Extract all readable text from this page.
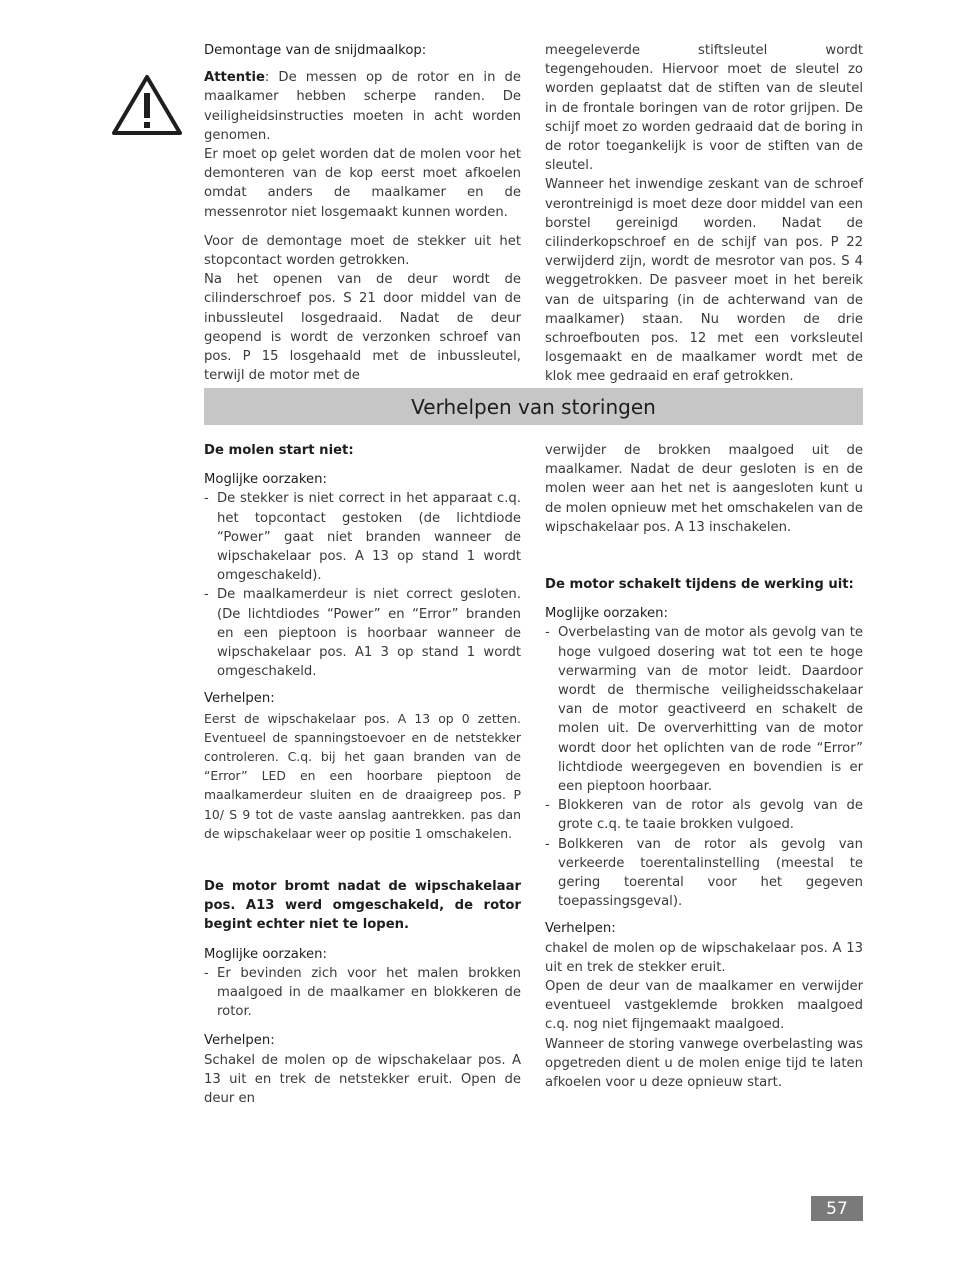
Demontage van de snijdmaalkop:

Attentie: De messen op de rotor en in de maalkamer hebben scherpe randen. De veiligheidsinstructies moeten in acht worden genomen.

Er moet op gelet worden dat de molen voor het demonteren van de kop eerst moet afkoelen omdat anders de maalkamer en de messenrotor niet losgemaakt kunnen worden.

Voor de demontage moet de stekker uit het stopcontact worden getrokken.

Na het openen van de deur wordt de cilinderschroef pos. S 21 door middel van de inbussleutel losgedraaid. Nadat de deur geopend is wordt de verzonken schroef van pos. P 15 losgehaald met de inbussleutel, terwijl de motor met de

meegeleverde stiftsleutel wordt tegengehouden. Hiervoor moet de sleutel zo worden geplaatst dat de stiften van de sleutel in de frontale boringen van de rotor grijpen. De schijf moet zo worden gedraaid dat de boring in de rotor toegankelijk is voor de stiften van de sleutel.

Wanneer het inwendige zeskant van de schroef verontreinigd is moet deze door middel van een borstel gereinigd worden. Nadat de cilinderkopschroef en de schijf van pos. P 22 verwijderd zijn, wordt de mesrotor van pos. S 4 weggetrokken. De pasveer moet in het bereik van de uitsparing (in de achterwand van de maalkamer) staan. Nu worden de drie schroefbouten pos. 12 met een vorksleutel losgemaakt en de maalkamer wordt met de klok mee gedraaid en eraf getrokken.

Verhelpen van storingen

De molen start niet:

Moglijke oorzaken:

- De stekker is niet correct in het apparaat c.q. het topcontact gestoken (de lichtdiode “Power” gaat niet branden wanneer de wipschakelaar pos. A 13 op stand 1 wordt omgeschakeld).
- De maalkamerdeur is niet correct gesloten. (De lichtdiodes “Power” en “Error” branden en een pieptoon is hoorbaar wanneer de wipschakelaar pos. A1 3 op stand 1 wordt omgeschakeld.

Verhelpen:

Eerst de wipschakelaar pos. A 13 op 0 zetten. Eventueel de spanningstoevoer en de netstekker controleren. C.q. bij het gaan branden van de “Error” LED en een hoorbare pieptoon de maalkamerdeur sluiten en de draaigreep pos. P 10/ S 9 tot de vaste aanslag aantrekken. pas dan de wipschakelaar weer op positie 1 omschakelen.

De motor bromt nadat de wipschakelaar pos. A13 werd omgeschakeld, de rotor begint echter niet te lopen.

Moglijke oorzaken:

- Er bevinden zich voor het malen brokken maalgoed in de maalkamer en blokkeren de rotor.

Verhelpen:

Schakel de molen op de wipschakelaar pos. A 13 uit en trek de netstekker eruit. Open de deur en

verwijder de brokken maalgoed uit de maalkamer. Nadat de deur gesloten is en de molen weer aan het net is aangesloten kunt u de molen opnieuw met het omschakelen van de wipschakelaar pos. A 13 inschakelen.

De motor schakelt tijdens de werking uit:

Moglijke oorzaken:

- Overbelasting van de motor als gevolg van te hoge vulgoed dosering wat tot een te hoge verwarming van de motor leidt. Daardoor wordt de thermische veiligheidsschakelaar van de motor geactiveerd en schakelt de molen uit. De oververhitting van de motor wordt door het oplichten van de rode “Error” lichtdiode weergegeven en bovendien is er een pieptoon hoorbaar.
- Blokkeren van de rotor als gevolg van de grote c.q. te taaie brokken vulgoed.
- Bolkkeren van de rotor als gevolg van verkeerde toerentalinstelling (meestal te gering toerental voor het gegeven toepassingsgeval).

Verhelpen:

chakel de molen op de wipschakelaar pos. A 13 uit en trek de stekker eruit.

Open de deur van de maalkamer en verwijder eventueel vastgeklemde brokken maalgoed c.q. nog niet fijngemaakt maalgoed.

Wanneer de storing vanwege overbelasting was opgetreden dient u de molen enige tijd te laten afkoelen voor u deze opnieuw start.

57
